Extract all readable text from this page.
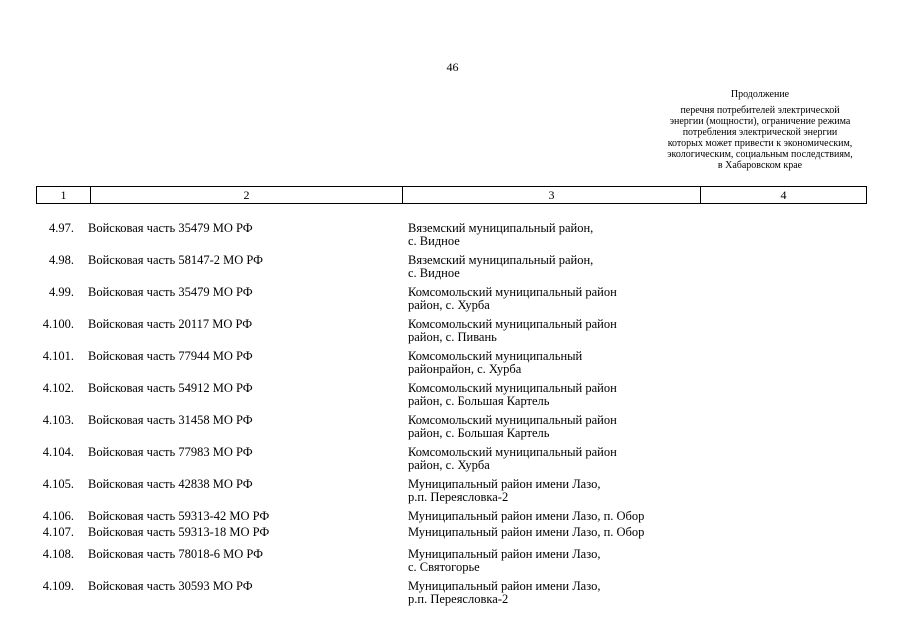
46
Продолжение
перечня потребителей электрической
энергии (мощности), ограничение режима
потребления электрической энергии
которых может привести к экономическим,
экологическим, социальным последствиям,
в Хабаровском крае
1	2	3	4
4.97.	Войсковая часть 35479 МО РФ	Вяземский муниципальный район,
с. Видное
4.98.	Войсковая часть 58147-2 МО РФ	Вяземский муниципальный район,
с. Видное
4.99.	Войсковая часть 35479 МО РФ	Комсомольский муниципальный район
район, с. Хурба
4.100.	Войсковая часть 20117 МО РФ	Комсомольский муниципальный район
район, с. Пивань
4.101.	Войсковая часть 77944 МО РФ	Комсомольский муниципальный
районрайон, с. Хурба
4.102.	Войсковая часть 54912 МО РФ	Комсомольский муниципальный район
район, с. Большая Картель
4.103.	Войсковая часть 31458 МО РФ	Комсомольский муниципальный район
район, с. Большая Картель
4.104.	Войсковая часть 77983 МО РФ	Комсомольский муниципальный район
район, с. Хурба
4.105.	Войсковая часть 42838 МО РФ	Муниципальный район имени Лазо,
р.п. Переясловка-2
4.106.	Войсковая часть 59313-42 МО РФ	Муниципальный район имени Лазо, п. Обор
4.107.	Войсковая часть 59313-18 МО РФ	Муниципальный район имени Лазо, п. Обор
4.108.	Войсковая часть 78018-6 МО РФ	Муниципальный район имени Лазо,
с. Святогорье
4.109.	Войсковая часть 30593 МО РФ	Муниципальный район имени Лазо,
р.п. Переясловка-2
